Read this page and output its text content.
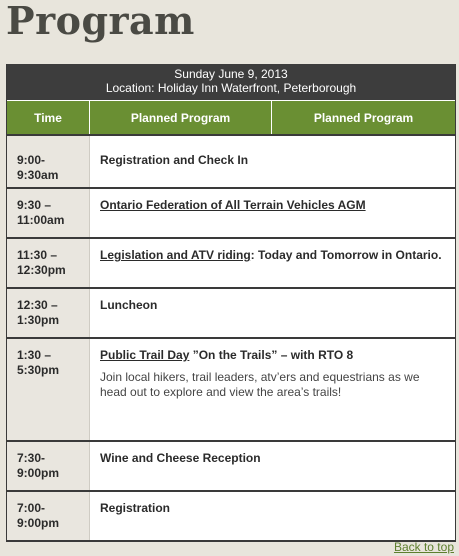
Program
Sunday June 9, 2013
Location: Holiday Inn Waterfront, Peterborough
Time	Planned Program	Planned Program
9:00-
9:30am
Registration and Check In
9:30 –
11:00am
Ontario Federation of All Terrain Vehicles AGM
11:30 –
12:30pm
Legislation and ATV riding: Today and Tomorrow in Ontario.
12:30 –
1:30pm
Luncheon
1:30 –
5:30pm
Public Trail Day ”On the Trails” – with RTO 8
Join local hikers, trail leaders, atv’ers and equestrians as we head out to explore and view the area’s trails!
7:30-
9:00pm
Wine and Cheese Reception
7:00-
9:00pm
Registration
Back to top
